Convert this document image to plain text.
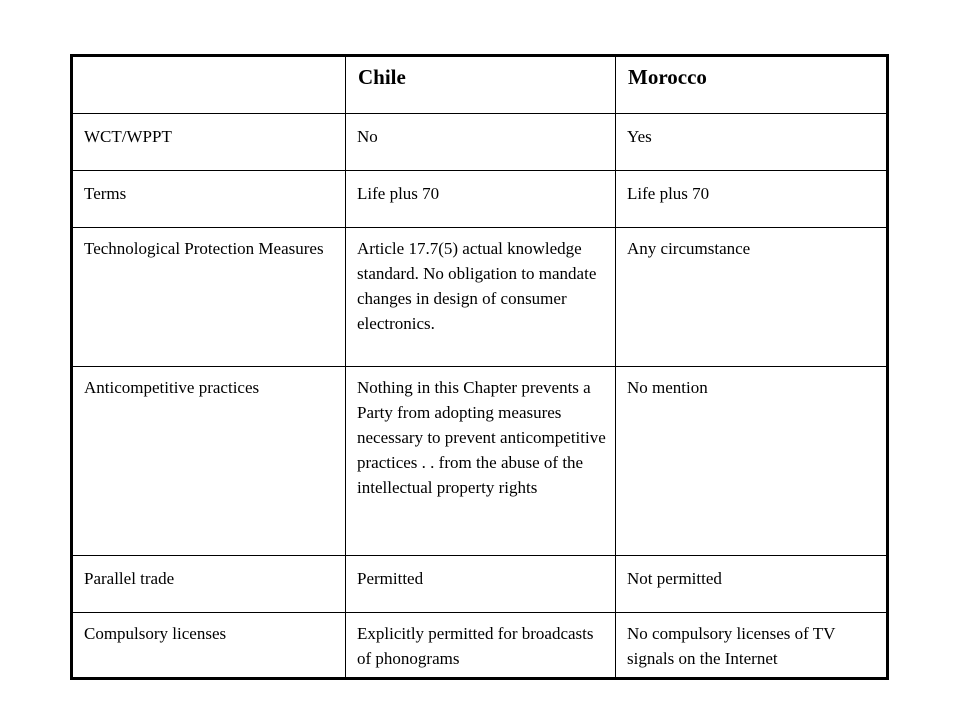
	Chile	Morocco
WCT/WPPT	No	Yes
Terms	Life plus 70	Life plus 70
Technological Protection Measures	Article 17.7(5) actual knowledge standard. No obligation to mandate changes in design of consumer electronics.	Any circumstance
Anticompetitive practices	Nothing in this Chapter prevents a Party from adopting measures necessary to prevent anticompetitive practices . . from the abuse of the intellectual property rights	No mention
Parallel trade	Permitted	Not permitted
Compulsory licenses	Explicitly permitted for broadcasts of phonograms	No compulsory licenses of TV signals on the Internet
